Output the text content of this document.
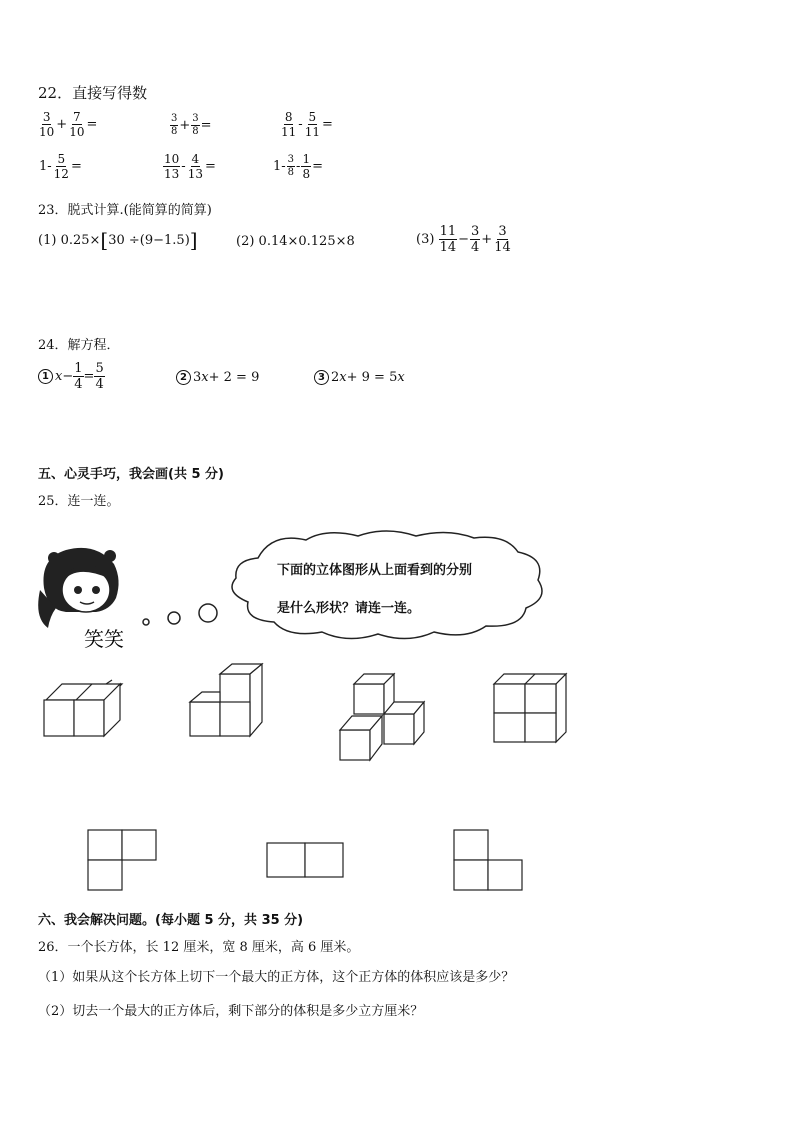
22．直接写得数
$\frac{3}{10} + \frac{7}{10}$ =	$\frac{3}{8} + \frac{3}{8}$ =	$\frac{8}{11} - \frac{5}{11}$ =
$1- \frac{5}{12}$ =	$\frac{10}{13} - \frac{4}{13}$ =	$1- \frac{3}{8} - \frac{1}{8}$ =
23．脱式计算.(能简算的简算)
(1)
0.25× [ 30 ÷ (9−1.5) ]	(2) 0.14×0.125×8	(3)
$\frac{11}{14} - \frac{3}{4} + \frac{3}{14}$
24．解方程．
1 $x - \frac{1}{4} = \frac{5}{4}$	2 3 x + 2 = 9	3 2 x + 9 = 5 x
五、心灵手巧，我会画(共 5 分)
25．连一连。
笑笑
下面的立体图形从上面看到的分别
是什么形状？请连一连。
六、我会解决问题。(每小题 5 分，共 35 分)
26．一个长方体，长 12 厘米，宽 8 厘米，高 6 厘米。
（1）如果从这个长方体上切下一个最大的正方体，这个正方体的体积应该是多少？
（2）切去一个最大的正方体后，剩下部分的体积是多少立方厘米？
